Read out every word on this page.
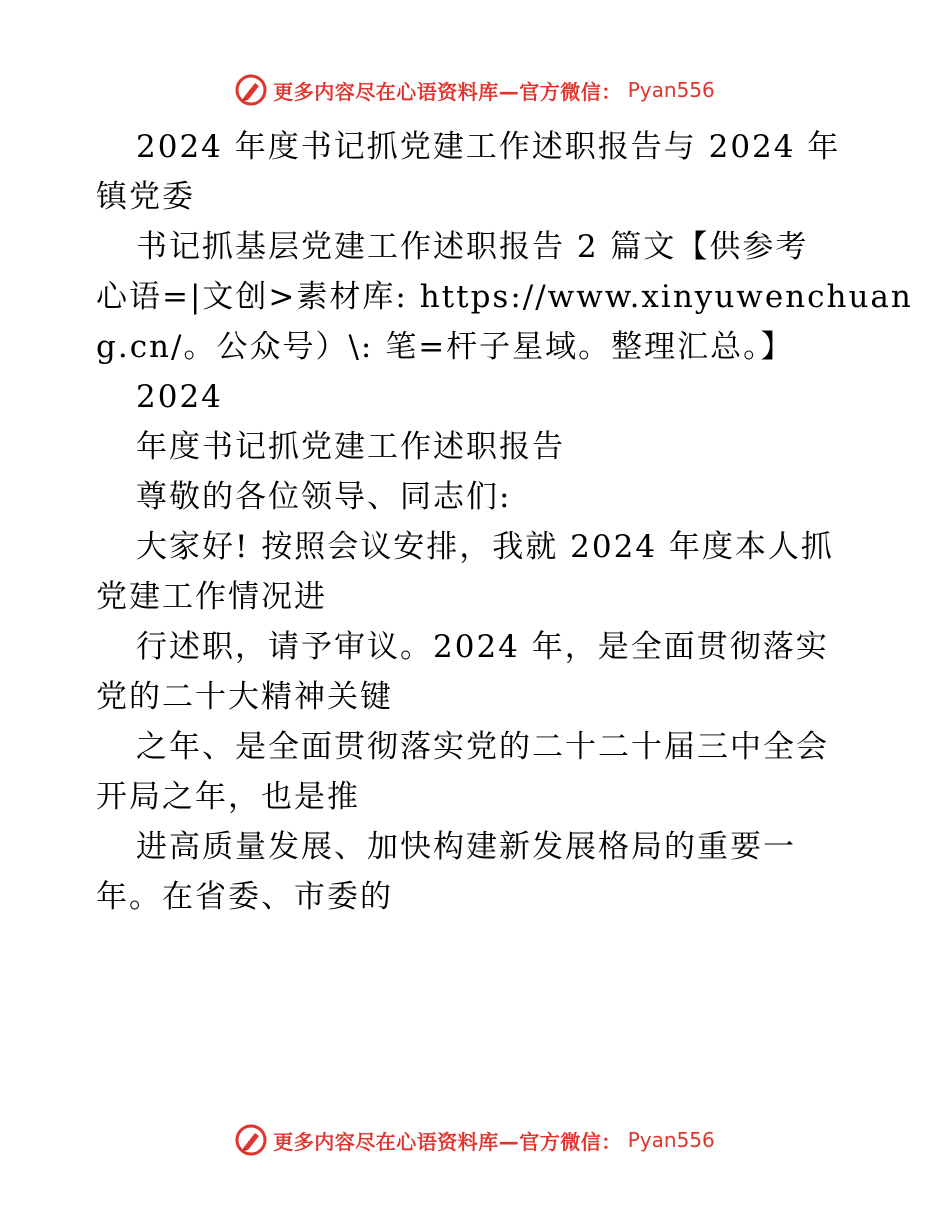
更多内容尽在心语资料库—官方微信： Pyan556
2024 年度书记抓党建工作述职报告与 2024 年
镇党委
书记抓基层党建工作述职报告 2 篇文【供参考
心语=|文创>素材库: https://www.xinyuwenchuan
g.cn/。公众号）\: 笔=杆子星域。整理汇总。】
2024
年度书记抓党建工作述职报告
尊敬的各位领导、同志们:
大家好! 按照会议安排，我就 2024 年度本人抓
党建工作情况进
行述职，请予审议。2024 年，是全面贯彻落实
党的二十大精神关键
之年、是全面贯彻落实党的二十二十届三中全会
开局之年，也是推
进高质量发展、加快构建新发展格局的重要一
年。在省委、市委的
更多内容尽在心语资料库—官方微信： Pyan556
